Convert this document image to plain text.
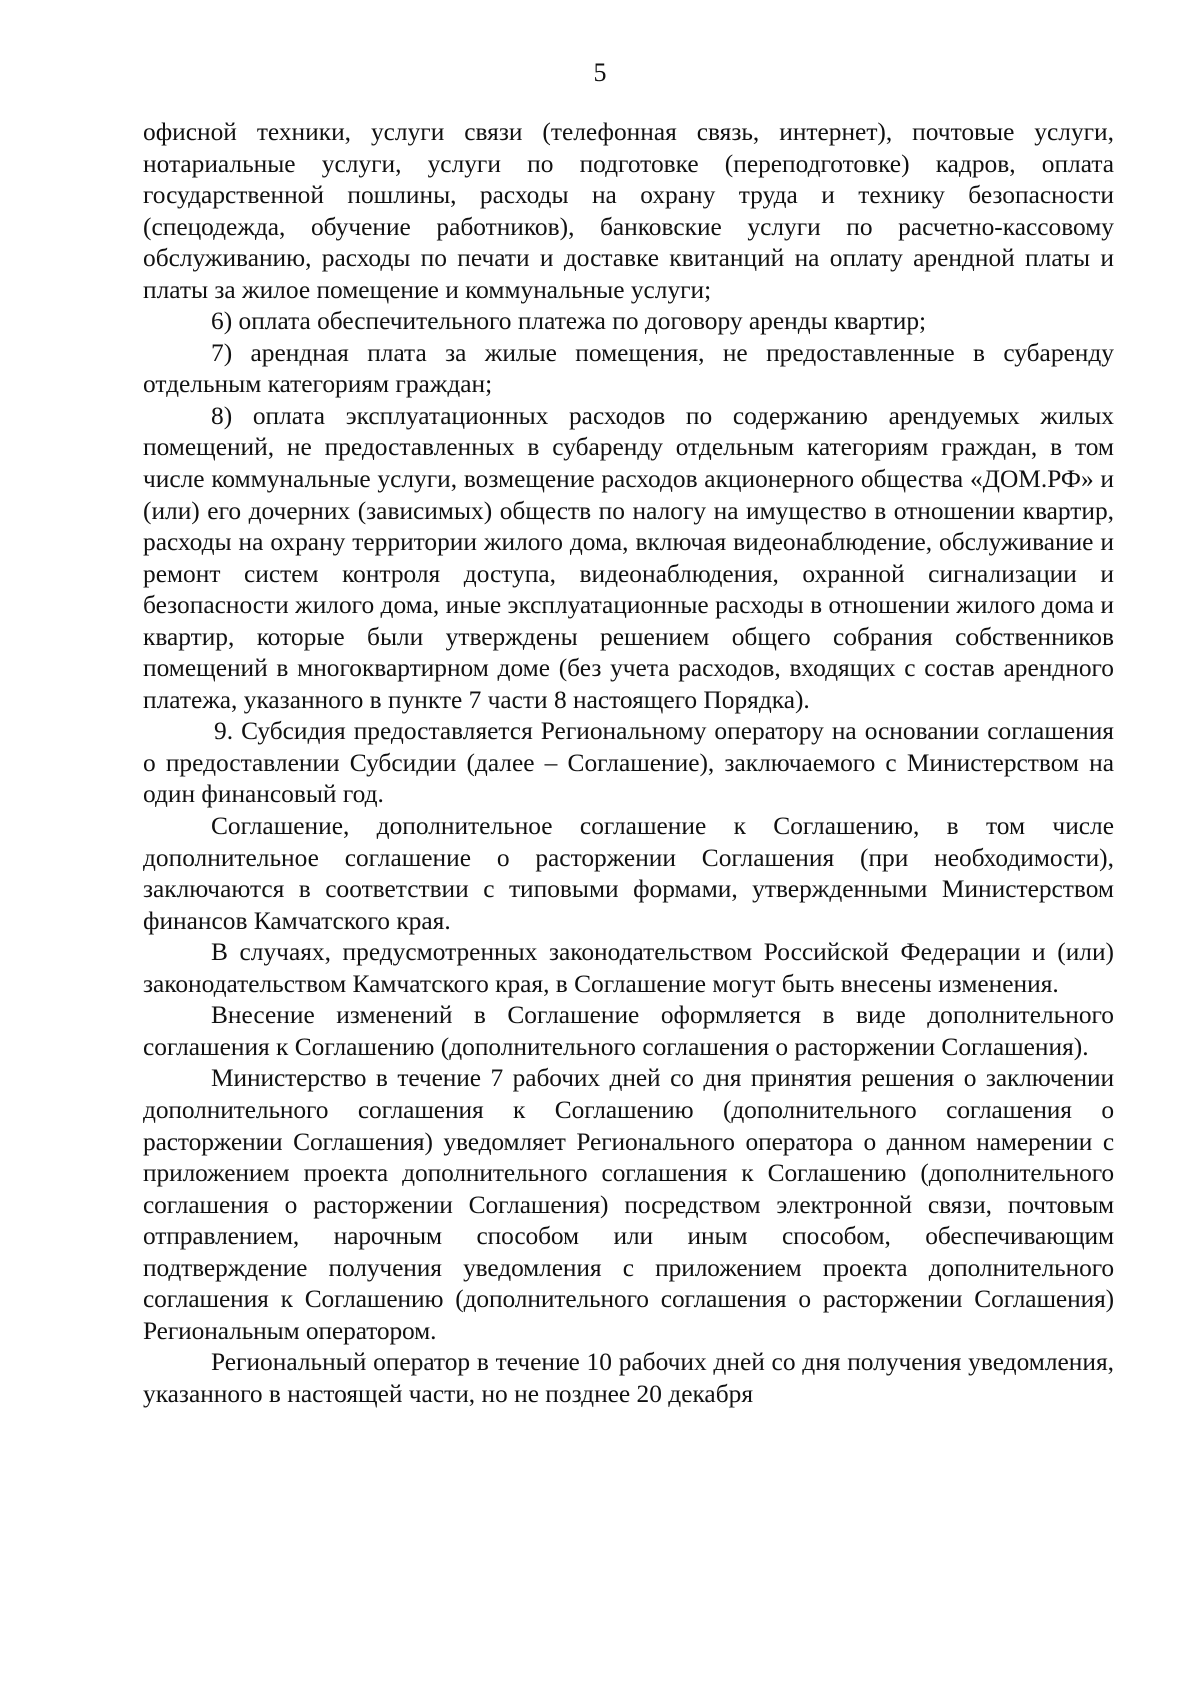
5

офисной техники, услуги связи (телефонная связь, интернет), почтовые услуги, нотариальные услуги, услуги по подготовке (переподготовке) кадров, оплата государственной пошлины, расходы на охрану труда и технику безопасности (спецодежда, обучение работников), банковские услуги по расчетно-кассовому обслуживанию, расходы по печати и доставке квитанций на оплату арендной платы и платы за жилое помещение и коммунальные услуги;

6) оплата обеспечительного платежа по договору аренды квартир;

7) арендная плата за жилые помещения, не предоставленные в субаренду отдельным категориям граждан;

8) оплата эксплуатационных расходов по содержанию арендуемых жилых помещений, не предоставленных в субаренду отдельным категориям граждан, в том числе коммунальные услуги, возмещение расходов акционерного общества «ДОМ.РФ» и (или) его дочерних (зависимых) обществ по налогу на имущество в отношении квартир, расходы на охрану территории жилого дома, включая видеонаблюдение, обслуживание и ремонт систем контроля доступа, видеонаблюдения, охранной сигнализации и безопасности жилого дома, иные эксплуатационные расходы в отношении жилого дома и квартир, которые были утверждены решением общего собрания собственников помещений в многоквартирном доме (без учета расходов, входящих с состав арендного платежа, указанного в пункте 7 части 8 настоящего Порядка).

9. Субсидия предоставляется Региональному оператору на основании соглашения о предоставлении Субсидии (далее – Соглашение), заключаемого с Министерством на один финансовый год.

Соглашение, дополнительное соглашение к Соглашению, в том числе дополнительное соглашение о расторжении Соглашения (при необходимости), заключаются в соответствии с типовыми формами, утвержденными Министерством финансов Камчатского края.

В случаях, предусмотренных законодательством Российской Федерации и (или) законодательством Камчатского края, в Соглашение могут быть внесены изменения.

Внесение изменений в Соглашение оформляется в виде дополнительного соглашения к Соглашению (дополнительного соглашения о расторжении Соглашения).

Министерство в течение 7 рабочих дней со дня принятия решения о заключении дополнительного соглашения к Соглашению (дополнительного соглашения о расторжении Соглашения) уведомляет Регионального оператора о данном намерении с приложением проекта дополнительного соглашения к Соглашению (дополнительного соглашения о расторжении Соглашения) посредством электронной связи, почтовым отправлением, нарочным способом или иным способом, обеспечивающим подтверждение получения уведомления с приложением проекта дополнительного соглашения к Соглашению (дополнительного соглашения о расторжении Соглашения) Региональным оператором.

Региональный оператор в течение 10 рабочих дней со дня получения уведомления, указанного в настоящей части, но не позднее 20 декабря
